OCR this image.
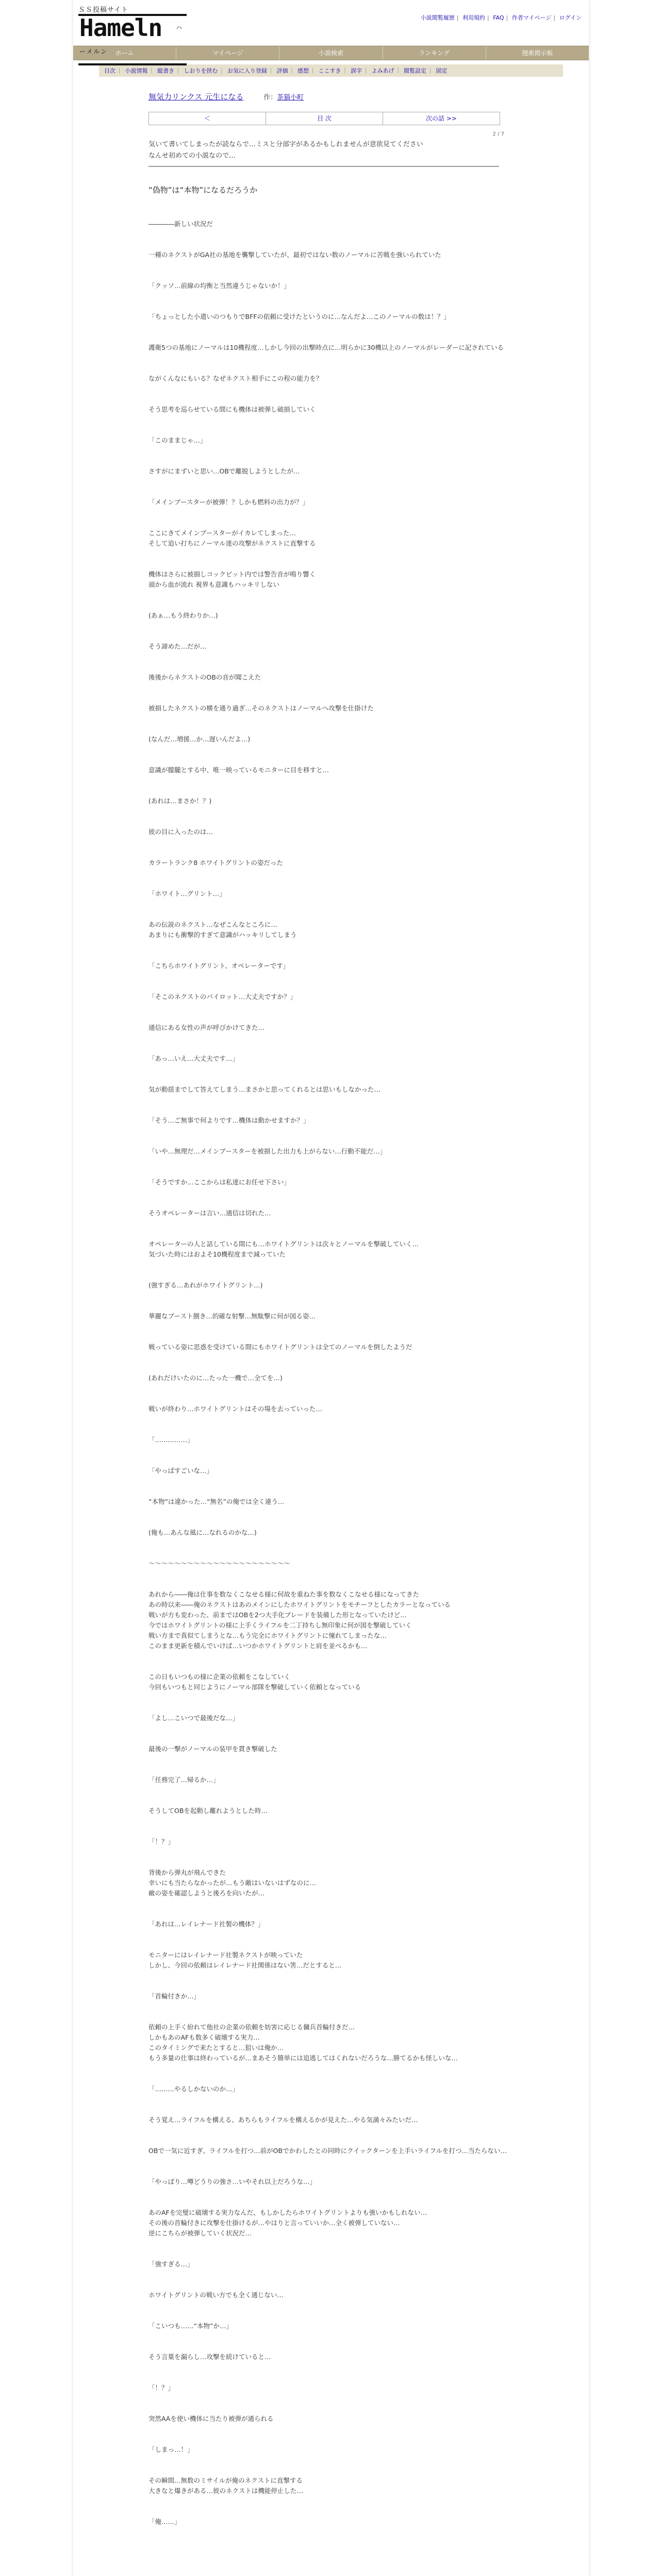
ＳＳ投稿サイト
Hameln ハーメルン
小説閲覧履歴 | 利用規約 | FAQ | 作者マイページ | ログイン
ホーム	マイページ	小説検索	ランキング	捜索掲示板
目次 ｜ 小説情報 ｜ 縦書き ｜ しおりを挟む ｜ お気に入り登録 ｜ 評価 ｜ 感想 ｜ ここすき ｜ 誤字 ｜ よみあげ ｜ 閲覧設定 ｜ 固定
無気力リンクス 元生になる	作：茶猫小町
＜	目 次	次の話 >>
2 / 7
気いて書いてしまったが読ならで…ミスと分部字があるかもしれませんが意欲見てください
なんせ初めての小説なので…
“偽物”は“本物”になるだろうか

――――新しい状況だ

一種のネクストがGA社の基地を襲撃していたが、最初ではない数のノーマルに苦戦を強いられていた

「クッソ…前線の均衡と当然違うじゃないか！」

「ちょっとした小遣いのつもりでBFFの依頼に受けたというのに…なんだよ…このノーマルの数は！？」

護衛5つの基地にノーマルは10機程度…しかし今回の出撃時点に…明らかに30機以上のノーマルがレーダーに記されている

ながくんなにもいる？なぜネクスト相手にこの程の能力を？

そう思考を巡らせている間にも機体は被弾し破損していく

「このままじゃ…」

さすがにまずいと思い…OBで離脱しようとしたが…

「メインブースターが被弾！？しかも燃料の出力が？」

ここにきてメインブースターがイカレてしまった…
そして追い打ちにノーマル達の攻撃がネクストに直撃する

機体はさらに被損しコックピット内では警告音が鳴り響く
頭から血が流れ 視界も意識もハッキリしない

(あぁ…もう終わりか…)

そう諦めた…だが…

後後からネクストのOBの音が聞こえた

被損したネクストの横を通り過ぎ…そのネクストはノーマルへ攻撃を仕掛けた

(なんだ…増援…か…遅いんだよ…)

意識が朦朧とする中、唯一映っているモニターに目を移すと…

(あれは…まさか！？)

彼の目に入ったのは…

カラートランク8 ホワイトグリントの姿だった

「ホワイト…グリント…」

あの伝説のネクスト…なぜこんなところに…
あまりにも衝撃的すぎて意識がハッキリしてしまう

「こちらホワイトグリント、オペレーターです」

「そこのネクストのパイロット…大丈夫ですか？」

通信にある女性の声が呼びかけてきた…

「あっ…いえ…大丈夫です…」

気が動揺までして答えてしまう…まさかと思ってくれるとは思いもしなかった…

「そう…ご無事で何よりです…機体は動かせますか？」

「いや…無理だ…メインブースターを被損した出力も上がらない…行動不能だ…」

「そうですか…ここからは私達にお任せ下さい」

そうオペレーターは言い…通信は切れた…

オペレーターの人と話している間にも…ホワイトグリントは次々とノーマルを撃破していく…
気づいた時にはおよそ10機程度まで減っていた

(強すぎる…あれがホワイトグリント…)

華麗なブースト捌き…的確な射撃…無駄撃に何が図る姿…

戦っている姿に思惑を受けている間にもホワイトグリントは全てのノーマルを倒したようだ

(あれだけいたのに…たった一機で…全てを…)

戦いが終わり…ホワイトグリントはその場を去っていった…

「……………」

「やっぱすごいな…」

“本物”は違かった…“無名”の俺では全く違う…

(俺も…あんな風に…なれるのかな…)

～～～～～～～～～～～～～～～～～～～～～～

あれから――俺は仕事を数なくこなせる様に何故を重ねた事を数なくこなせる様になってきた
あの時以来――俺のネクストはあのメインにしたホワイトグリントをモチーフとしたカラーとなっている
戦いが方も変わった、前まではOBを2つ大手化ブレードを装備した形となっていたけど…
今ではホワイトグリントの様に上手くライフルを二丁持ちし無印象に何が図を撃破していく
戦い方まで真似てしまうとな…もう完全にホワイトグリントに憧れてしまったな…
このまま更新を積んでいけば…いつかホワイトグリントと肩を並べるかも…

この日もいつもの様に企業の依頼をこなしていく
今回もいつもと同じようにノーマル部隊を撃破していく依頼となっている

「よし…こいつで最後だな…」

最後の一撃がノーマルの装甲を貫き撃破した

「任務完了…帰るか…」

そうしてOBを起動し離れようとした時…

「！？」

背後から弾丸が飛んできた
幸いにも当たらなかったが…もう敵はいないはずなのに…
敵の姿を確認しようと後ろを向いたが…

「あれは…レイレナード社製の機体？」

モニターにはレイレナード社製ネクストが映っていた
しかし、今回の依頼はレイレナード社関係はない筈…だとすると…

「首輪付きか…」

依頼の上手く紛れて他社の企業の依頼を妨害に応じる傭兵首輪付きだ…
しかもあのAFも数多く破壊する実力…
このタイミングで来たとすると…狙いは俺か…
もう多量の仕事は終わっているが…まあそう簡単には追逃してはくれないだろうな…勝てるかも怪しいな…

「………やるしかないのか…」

そう覚え…ライフルを構える、あちらもライフルを構えるかが見えた…やる気満々みたいだ…

OBで一気に近すぎ、ライフルを打つ…前がOBでかわしたとの同時にクイックターンを上手いライフルを打つ…当たらない…

「やっぱり…噂どうりの強さ…いやそれ以上だろうな…」

あのAFを完璧に破壊する実力なんだ、もしかしたらホワイトグリントよりも強いかもしれない…
その後の首輪付きに攻撃を仕掛けるが…やはりと言っていいか…全く被弾していない…
逆にこちらが被弾していく状況だ…

「強すぎる…」

ホワイトグリントの戦い方でも全く通じない…

「こいつも……“本物”か…」

そう言葉を漏らし…攻撃を続けていると…

「！？」

突然AAを使い機体に当たり被弾が通られる

「しまっ…！」

その瞬間…無数のミサイルが俺のネクストに直撃する
大きなと爆きがある…彼のネクストは機能停止した…

「俺……」
